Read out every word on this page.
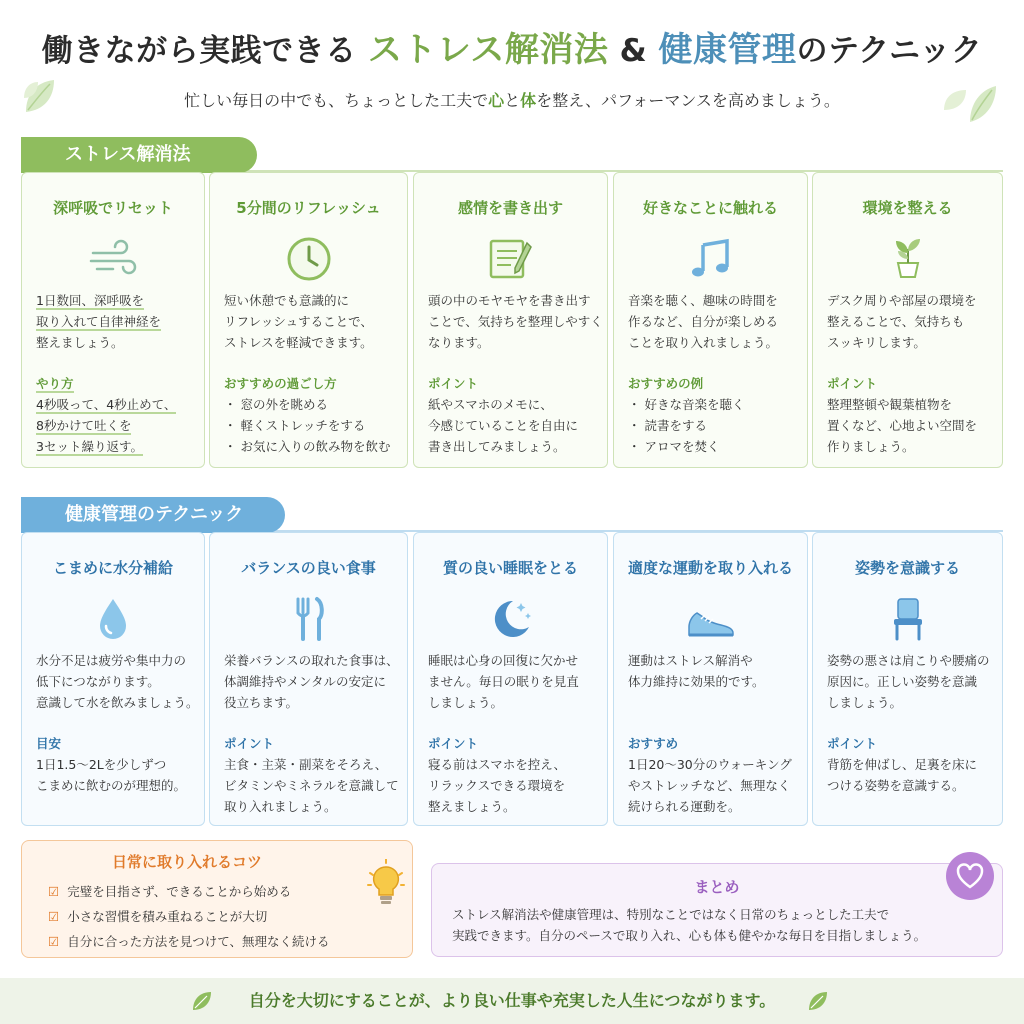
働きながら実践できる ストレス解消法 & 健康管理のテクニック
忙しい毎日の中でも、ちょっとした工夫で心と体を整え、パフォーマンスを高めましょう。
ストレス解消法
深呼吸でリセット

1日数回、深呼吸を

取り入れて自律神経を

整えましょう。

やり方

4秒吸って、4秒止めて、

8秒かけて吐くを

3セット繰り返す。

5分間のリフレッシュ

短い休憩でも意識的に

リフレッシュすることで、

ストレスを軽減できます。

おすすめの過ごし方

・ 窓の外を眺める

・ 軽くストレッチをする

・ お気に入りの飲み物を飲む

感情を書き出す

頭の中のモヤモヤを書き出す

ことで、気持ちを整理しやすく

なります。

ポイント

紙やスマホのメモに、

今感じていることを自由に

書き出してみましょう。

好きなことに触れる

音楽を聴く、趣味の時間を

作るなど、自分が楽しめる

ことを取り入れましょう。

おすすめの例

・ 好きな音楽を聴く

・ 読書をする

・ アロマを焚く

環境を整える

デスク周りや部屋の環境を

整えることで、気持ちも

スッキリします。

ポイント

整理整頓や観葉植物を

置くなど、心地よい空間を

作りましょう。

健康管理のテクニック
こまめに水分補給

水分不足は疲労や集中力の

低下につながります。

意識して水を飲みましょう。

目安

1日1.5〜2Lを少しずつ

こまめに飲むのが理想的。

バランスの良い食事

栄養バランスの取れた食事は、

体調維持やメンタルの安定に

役立ちます。

ポイント

主食・主菜・副菜をそろえ、

ビタミンやミネラルを意識して

取り入れましょう。

質の良い睡眠をとる

睡眠は心身の回復に欠かせ

ません。毎日の眠りを見直

しましょう。

ポイント

寝る前はスマホを控え、

リラックスできる環境を

整えましょう。

適度な運動を取り入れる

運動はストレス解消や

体力維持に効果的です。

おすすめ

1日20〜30分のウォーキング

やストレッチなど、無理なく

続けられる運動を。

姿勢を意識する

姿勢の悪さは肩こりや腰痛の

原因に。正しい姿勢を意識

しましょう。

ポイント

背筋を伸ばし、足裏を床に

つける姿勢を意識する。

日常に取り入れるコツ
☑ 完璧を目指さず、できることから始める
☑ 小さな習慣を積み重ねることが大切
☑ 自分に合った方法を見つけて、無理なく続ける
まとめ

ストレス解消法や健康管理は、特別なことではなく日常のちょっとした工夫で

実践できます。自分のペースで取り入れ、心も体も健やかな毎日を目指しましょう。

自分を大切にすることが、より良い仕事や充実した人生につながります。
